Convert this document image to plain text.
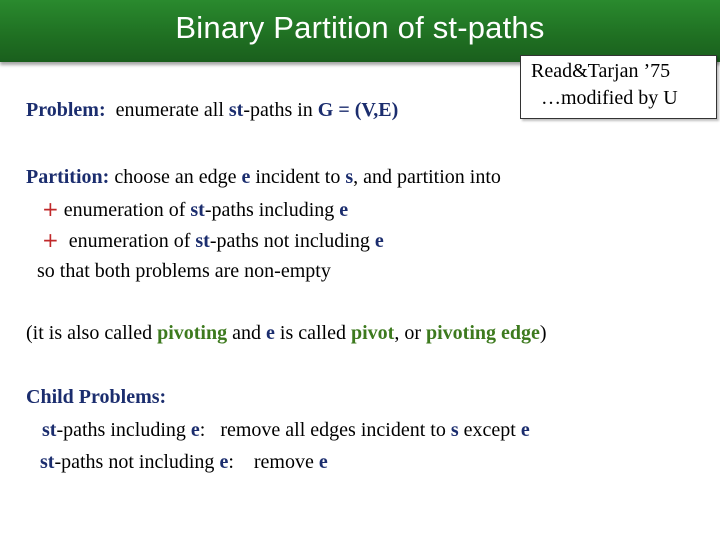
Binary Partition of st-paths
Read&Tarjan ’75
…modified by U
Problem: enumerate all st-paths in G = (V,E)
Partition: choose an edge e incident to s, and partition into
+ enumeration of st-paths including e
+  enumeration of st-paths not including e
so that both problems are non-empty
(it is also called pivoting and e is called pivot, or pivoting edge)
Child Problems:
st-paths including e:   remove all edges incident to s except e
st-paths not including e:    remove e
